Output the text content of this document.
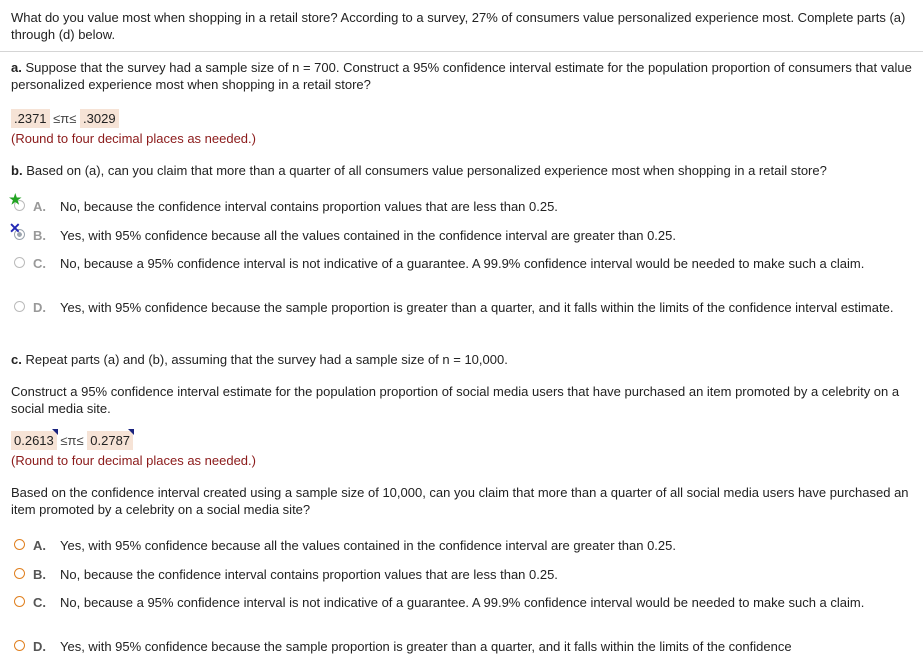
What do you value most when shopping in a retail store? According to a survey, 27% of consumers value personalized experience most. Complete parts (a) through (d) below.
a. Suppose that the survey had a sample size of n = 700. Construct a 95% confidence interval estimate for the population proportion of consumers that value personalized experience most when shopping in a retail store?
.2371 ≤π≤ .3029
(Round to four decimal places as needed.)
b. Based on (a), can you claim that more than a quarter of all consumers value personalized experience most when shopping in a retail store?
★ A. No, because the confidence interval contains proportion values that are less than 0.25.
✕ B. Yes, with 95% confidence because all the values contained in the confidence interval are greater than 0.25.
C. No, because a 95% confidence interval is not indicative of a guarantee. A 99.9% confidence interval would be needed to make such a claim.
D. Yes, with 95% confidence because the sample proportion is greater than a quarter, and it falls within the limits of the confidence interval estimate.
c. Repeat parts (a) and (b), assuming that the survey had a sample size of n = 10,000.
Construct a 95% confidence interval estimate for the population proportion of social media users that have purchased an item promoted by a celebrity on a social media site.
0.2613 ≤π≤ 0.2787
(Round to four decimal places as needed.)
Based on the confidence interval created using a sample size of 10,000, can you claim that more than a quarter of all social media users have purchased an item promoted by a celebrity on a social media site?
A. Yes, with 95% confidence because all the values contained in the confidence interval are greater than 0.25.
B. No, because the confidence interval contains proportion values that are less than 0.25.
C. No, because a 95% confidence interval is not indicative of a guarantee. A 99.9% confidence interval would be needed to make such a claim.
D. Yes, with 95% confidence because the sample proportion is greater than a quarter, and it falls within the limits of the confidence
